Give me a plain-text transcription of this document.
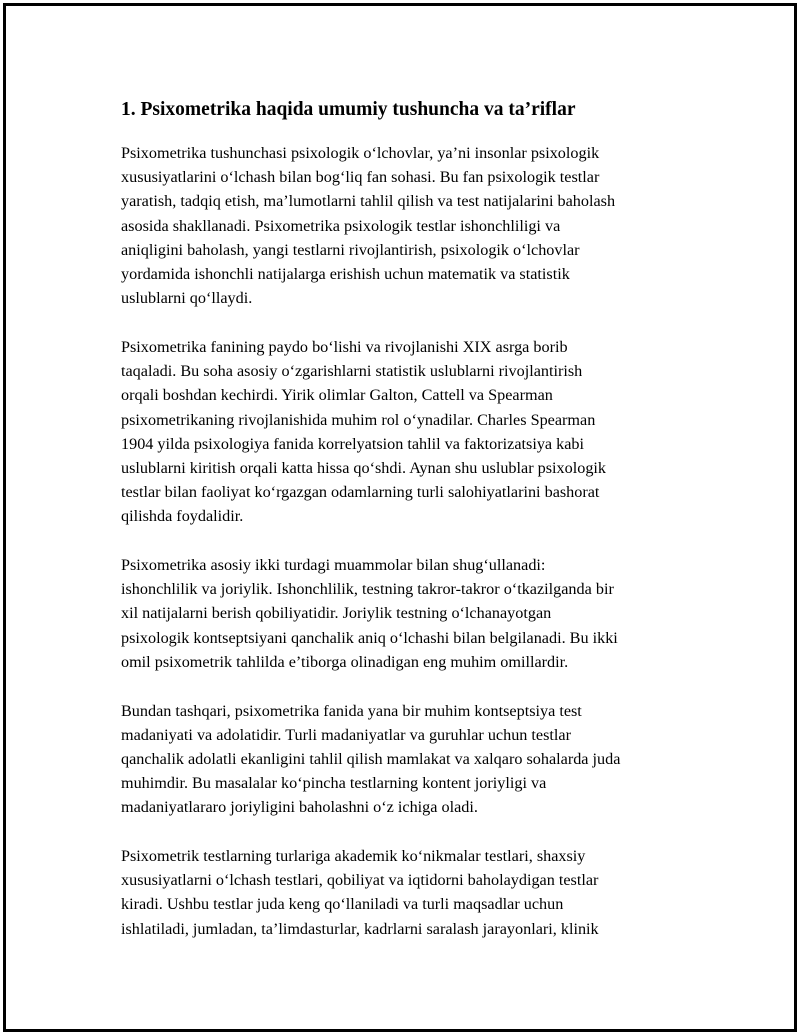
1. Psixometrika haqida umumiy tushuncha va ta’riflar

Psixometrika tushunchasi psixologik oʻlchovlar, ya’ni insonlar psixologik
xususiyatlarini oʻlchash bilan bogʻliq fan sohasi. Bu fan psixologik testlar
yaratish, tadqiq etish, ma’lumotlarni tahlil qilish va test natijalarini baholash
asosida shakllanadi. Psixometrika psixologik testlar ishonchliligi va
aniqligini baholash, yangi testlarni rivojlantirish, psixologik oʻlchovlar
yordamida ishonchli natijalarga erishish uchun matematik va statistik
uslublarni qoʻllaydi.

Psixometrika fanining paydo boʻlishi va rivojlanishi XIX asrga borib
taqaladi. Bu soha asosiy oʻzgarishlarni statistik uslublarni rivojlantirish
orqali boshdan kechirdi. Yirik olimlar Galton, Cattell va Spearman
psixometrikaning rivojlanishida muhim rol oʻynadilar. Charles Spearman
1904 yilda psixologiya fanida korrelyatsion tahlil va faktorizatsiya kabi
uslublarni kiritish orqali katta hissa qoʻshdi. Aynan shu uslublar psixologik
testlar bilan faoliyat koʻrgazgan odamlarning turli salohiyatlarini bashorat
qilishda foydalidir.

Psixometrika asosiy ikki turdagi muammolar bilan shugʻullanadi:
ishonchlilik va joriylik. Ishonchlilik, testning takror-takror oʻtkazilganda bir
xil natijalarni berish qobiliyatidir. Joriylik testning oʻlchanayotgan
psixologik kontseptsiyani qanchalik aniq oʻlchashi bilan belgilanadi. Bu ikki
omil psixometrik tahlilda e’tiborga olinadigan eng muhim omillardir.

Bundan tashqari, psixometrika fanida yana bir muhim kontseptsiya test
madaniyati va adolatidir. Turli madaniyatlar va guruhlar uchun testlar
qanchalik adolatli ekanligini tahlil qilish mamlakat va xalqaro sohalarda juda
muhimdir. Bu masalalar koʻpincha testlarning kontent joriyligi va
madaniyatlararo joriyligini baholashni oʻz ichiga oladi.

Psixometrik testlarning turlariga akademik koʻnikmalar testlari, shaxsiy
xususiyatlarni oʻlchash testlari, qobiliyat va iqtidorni baholaydigan testlar
kiradi. Ushbu testlar juda keng qoʻllaniladi va turli maqsadlar uchun
ishlatiladi, jumladan, ta’limdasturlar, kadrlarni saralash jarayonlari, klinik
